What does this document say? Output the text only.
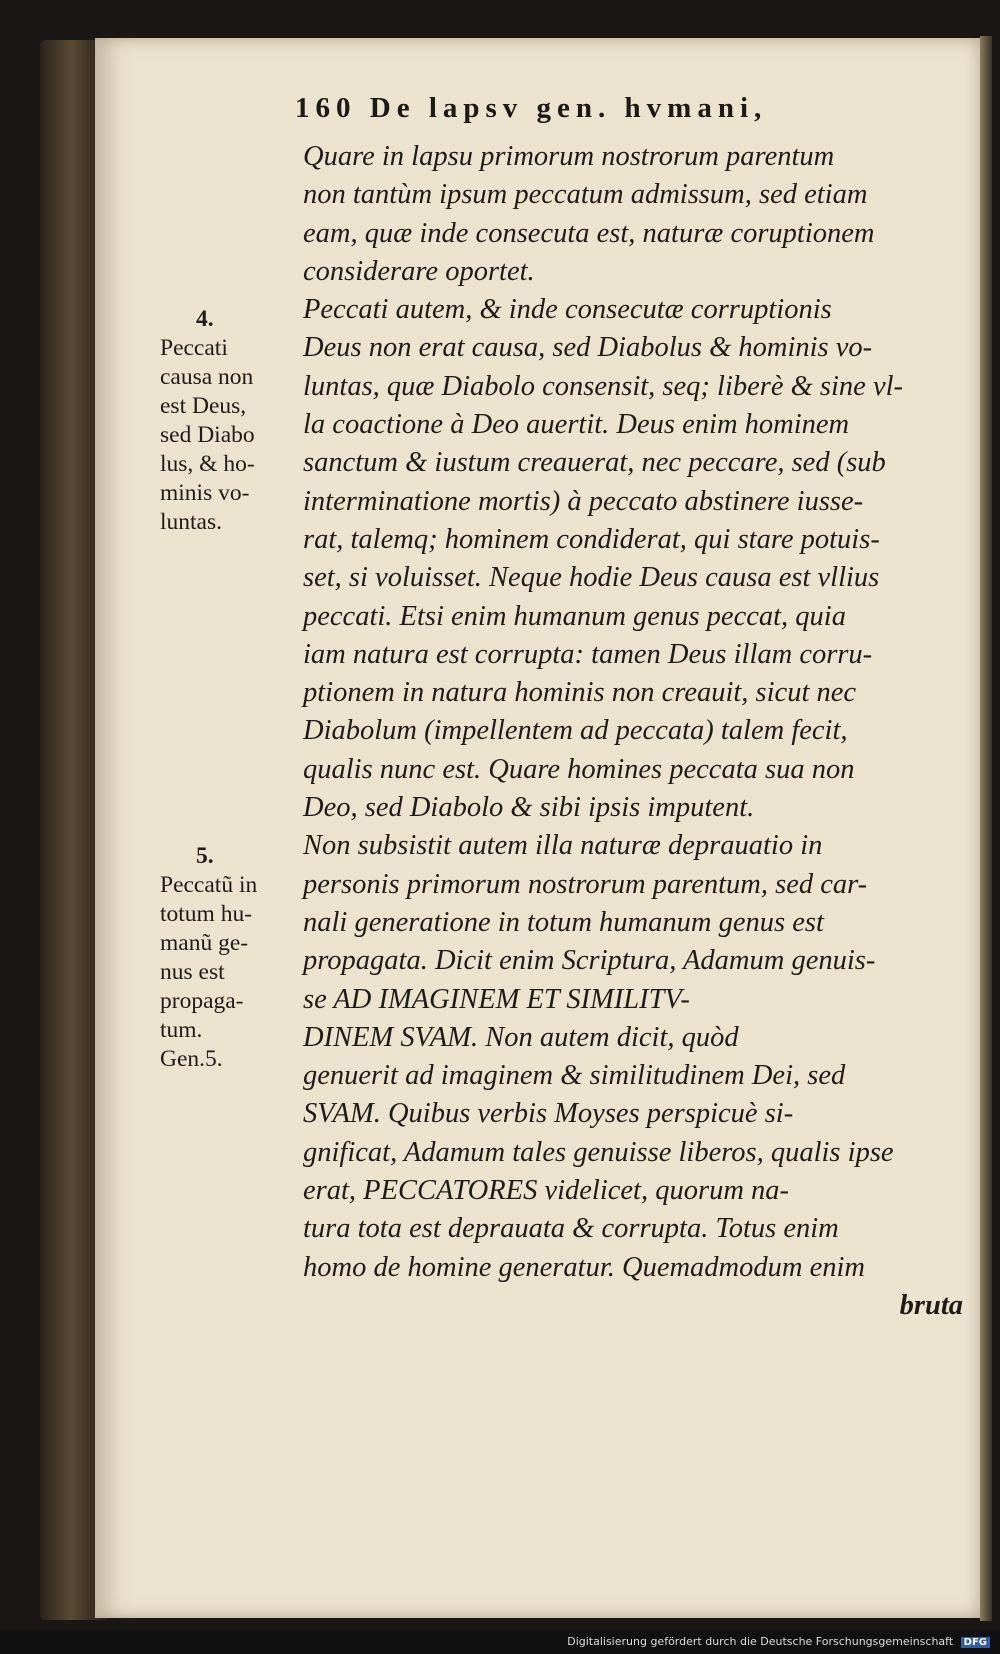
160 De lapsv gen. hvmani,
Quare in lapsu primorum nostrorum parentum
non tantùm ipsum peccatum admissum, sed etiam
eam, quæ inde consecuta est, naturæ coruptionem
considerare oportet.
Peccati autem, & inde consecutæ corruptionis
Deus non erat causa, sed Diabolus & hominis vo-
luntas, quæ Diabolo consensit, seq; liberè & sine vl-
la coactione à Deo auertit. Deus enim hominem
sanctum & iustum creauerat, nec peccare, sed (sub
interminatione mortis) à peccato abstinere iusse-
rat, talemq; hominem condiderat, qui stare potuis-
set, si voluisset. Neque hodie Deus causa est vllius
peccati. Etsi enim humanum genus peccat, quia
iam natura est corrupta: tamen Deus illam corru-
ptionem in natura hominis non creauit, sicut nec
Diabolum (impellentem ad peccata) talem fecit,
qualis nunc est. Quare homines peccata sua non
Deo, sed Diabolo & sibi ipsis imputent.
Non subsistit autem illa naturæ deprauatio in
personis primorum nostrorum parentum, sed car-
nali generatione in totum humanum genus est
propagata. Dicit enim Scriptura, Adamum genuis-
se AD IMAGINEM ET SIMILITV-
DINEM SVAM. Non autem dicit, quòd
genuerit ad imaginem & similitudinem Dei, sed
SVAM. Quibus verbis Moyses perspicuè si-
gnificat, Adamum tales genuisse liberos, qualis ipse
erat, PECCATORES videlicet, quorum na-
tura tota est deprauata & corrupta. Totus enim
homo de homine generatur. Quemadmodum enim
bruta
4.
Peccati
causa non
est Deus,
sed Diabo
lus, & ho-
minis vo-
luntas.
5.
Peccatũ in
totum hu-
manũ ge-
nus est
propaga-
tum.
Gen.5.
Digitalisierung gefördert durch die Deutsche Forschungsgemeinschaft DFG
